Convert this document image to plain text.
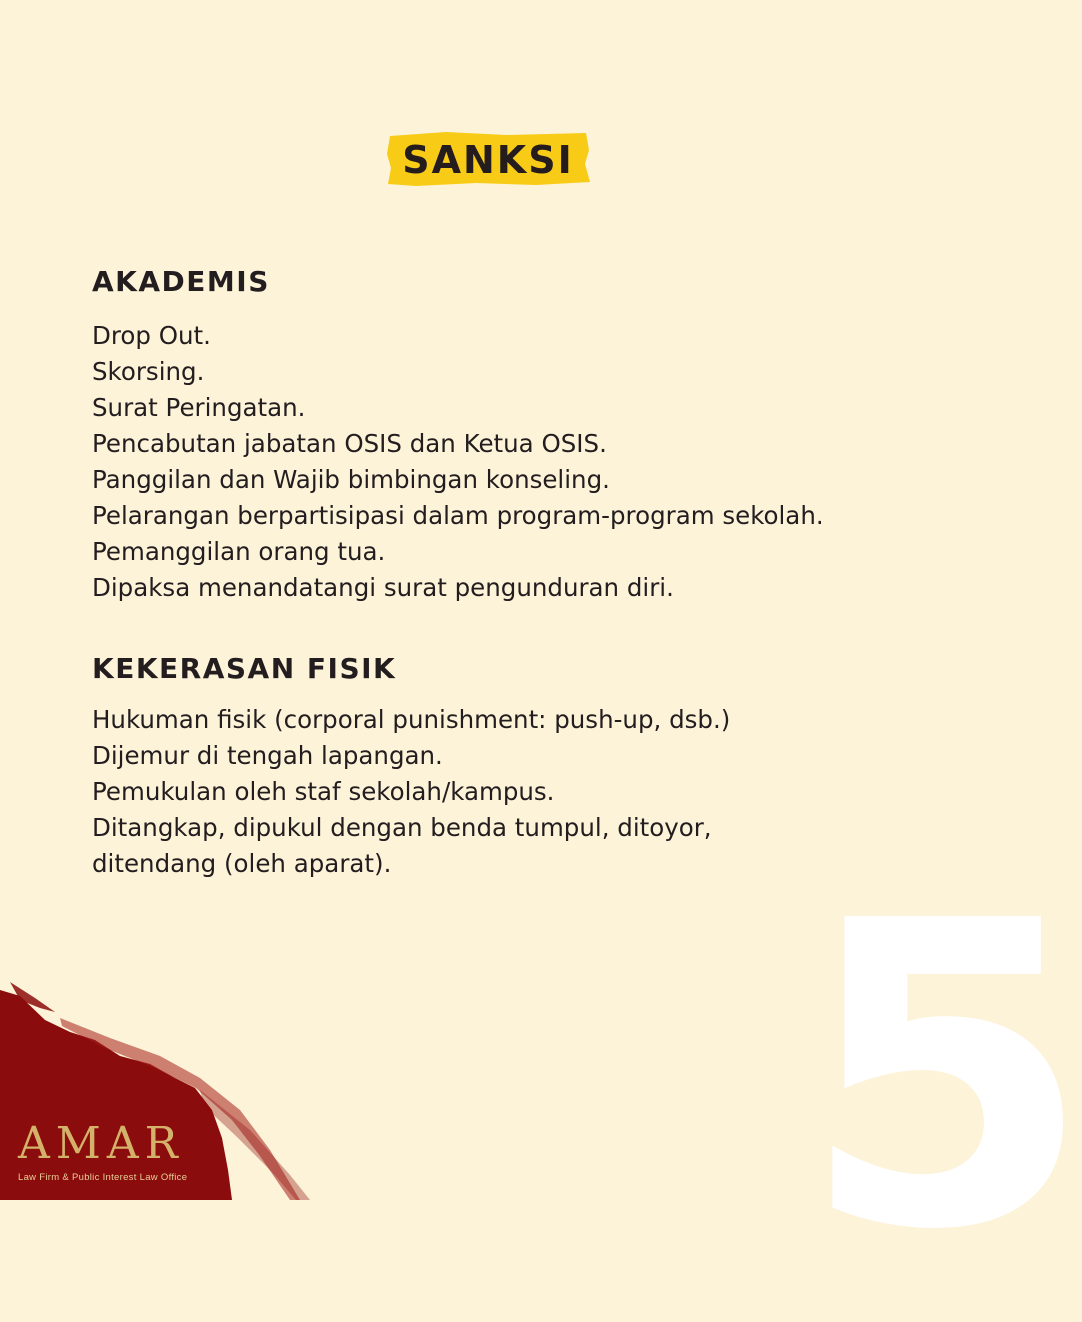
5
SANKSI
AKADEMIS
Drop Out.
Skorsing.
Surat Peringatan.
Pencabutan jabatan OSIS dan Ketua OSIS.
Panggilan dan Wajib bimbingan konseling.
Pelarangan berpartisipasi dalam program-program sekolah.
Pemanggilan orang tua.
Dipaksa menandatangi surat pengunduran diri.
KEKERASAN FISIK
Hukuman fisik (corporal punishment: push-up, dsb.)
Dijemur di tengah lapangan.
Pemukulan oleh staf sekolah/kampus.
Ditangkap, dipukul dengan benda tumpul, ditoyor,
ditendang (oleh aparat).
AMAR
Law Firm & Public Interest Law Office
